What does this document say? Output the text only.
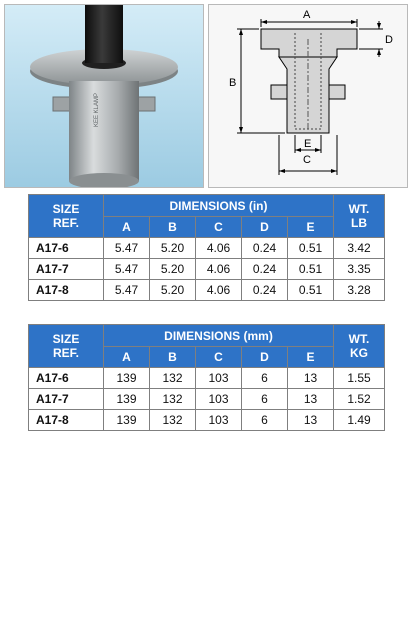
KEE KLAMP
A
B
C
D
E
SIZE
REF.	DIMENSIONS (in)					WT.
LB

	A	B	C	D	E	
A17-6	5.47	5.20	4.06	0.24	0.51	3.42
A17-7	5.47	5.20	4.06	0.24	0.51	3.35
A17-8	5.47	5.20	4.06	0.24	0.51	3.28
SIZE
REF.	DIMENSIONS (mm)					WT.
KG

	A	B	C	D	E	
A17-6	139	132	103	6	13	1.55
A17-7	139	132	103	6	13	1.52
A17-8	139	132	103	6	13	1.49
